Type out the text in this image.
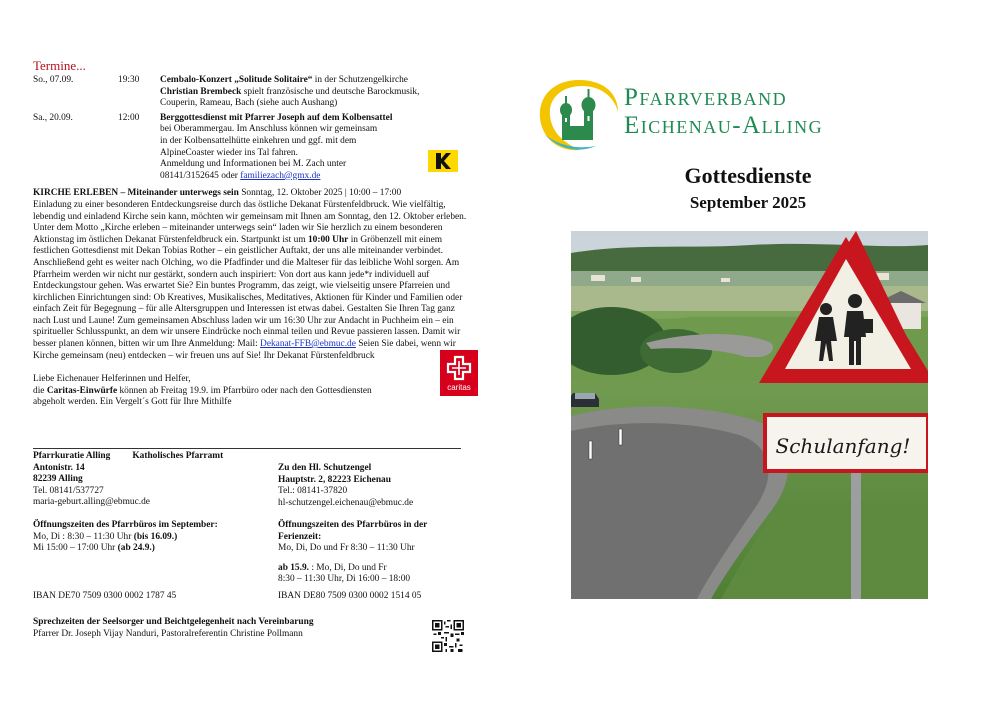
Termine...
So., 07.09.	19:30	Cembalo-Konzert „Solitude Solitaire“ in der Schutzengelkirche
Christian Brembeck spielt französische und deutsche Barockmusik,
Couperin, Rameau, Bach (siehe auch Aushang)
Sa., 20.09.	12:00	Berggottesdienst mit Pfarrer Joseph auf dem Kolbensattel
bei Oberammergau. Im Anschluss können wir gemeinsam
in der Kolbensattelhütte einkehren und ggf. mit dem
AlpineCoaster wieder ins Tal fahren.
Anmeldung und Informationen bei M. Zach unter
08141/3152645 oder familiezach@gmx.de
KIRCHE ERLEBEN – Miteinander unterwegs sein Sonntag, 12. Oktober 2025 | 10:00 – 17:00
Einladung zu einer besonderen Entdeckungsreise durch das östliche Dekanat Fürstenfeldbruck. Wie vielfältig, lebendig und einladend Kirche sein kann, möchten wir gemeinsam mit Ihnen am Sonntag, den 12. Oktober erleben. Unter dem Motto „Kirche erleben – miteinander unterwegs sein“ laden wir Sie herzlich zu einem besonderen Aktionstag im östlichen Dekanat Fürstenfeldbruck ein. Startpunkt ist um 10:00 Uhr in Gröbenzell mit einem festlichen Gottesdienst mit Dekan Tobias Rother – ein geistlicher Auftakt, der uns alle miteinander verbindet. Anschließend geht es weiter nach Olching, wo die Pfadfinder und die Malteser für das leibliche Wohl sorgen. Am Pfarrheim werden wir nicht nur gestärkt, sondern auch inspiriert: Von dort aus kann jede*r individuell auf Entdeckungstour gehen. Was erwartet Sie? Ein buntes Programm, das zeigt, wie vielseitig unsere Pfarreien und kirchlichen Einrichtungen sind: Ob Kreatives, Musikalisches, Meditatives, Aktionen für Kinder und Familien oder einfach Zeit für Begegnung – für alle Altersgruppen und Interessen ist etwas dabei. Gestalten Sie Ihren Tag ganz nach Lust und Laune! Zum gemeinsamen Abschluss laden wir um 16:30 Uhr zur Andacht in Puchheim ein – ein spiritueller Schlusspunkt, an dem wir unsere Eindrücke noch einmal teilen und Revue passieren lassen. Damit wir besser planen können, bitten wir um Ihre Anmeldung: Mail: Dekanat-FFB@ebmuc.de Seien Sie dabei, wenn wir Kirche gemeinsam (neu) entdecken – wir freuen uns auf Sie! Ihr Dekanat Fürstenfeldbruck
Liebe Eichenauer Helferinnen und Helfer,
die Caritas-Einwürfe können ab Freitag 19.9. im Pfarrbüro oder nach den Gottesdiensten
abgeholt werden. Ein Vergelt´s Gott für Ihre Mithilfe
caritas
Pfarrkuratie Alling Katholisches Pfarramt
Antonistr. 14
82239 Alling
Tel. 08141/537727
maria-geburt.alling@ebmuc.de
Zu den Hl. Schutzengel
Hauptstr. 2, 82223 Eichenau
Tel.: 08141-37820
hl-schutzengel.eichenau@ebmuc.de
Öffnungszeiten des Pfarrbüros im September:
Mo, Di : 8:30 – 11:30 Uhr (bis 16.09.)
Mi 15:00 – 17:00 Uhr (ab 24.9.)
Öffnungszeiten des Pfarrbüros in der
Ferienzeit:
Mo, Di, Do und Fr 8:30 – 11:30 Uhr

ab 15.9. : Mo, Di, Do und Fr
8:30 – 11:30 Uhr, Di 16:00 – 18:00
IBAN DE70 7509 0300 0002 1787 45	IBAN DE80 7509 0300 0002 1514 05
Sprechzeiten der Seelsorger und Beichtgelegenheit nach Vereinbarung
Pfarrer Dr. Joseph Vijay Nanduri, Pastoralreferentin Christine Pollmann
Pfarrverband
Eichenau-Alling
Gottesdienste
September 2025
Schulanfang!
